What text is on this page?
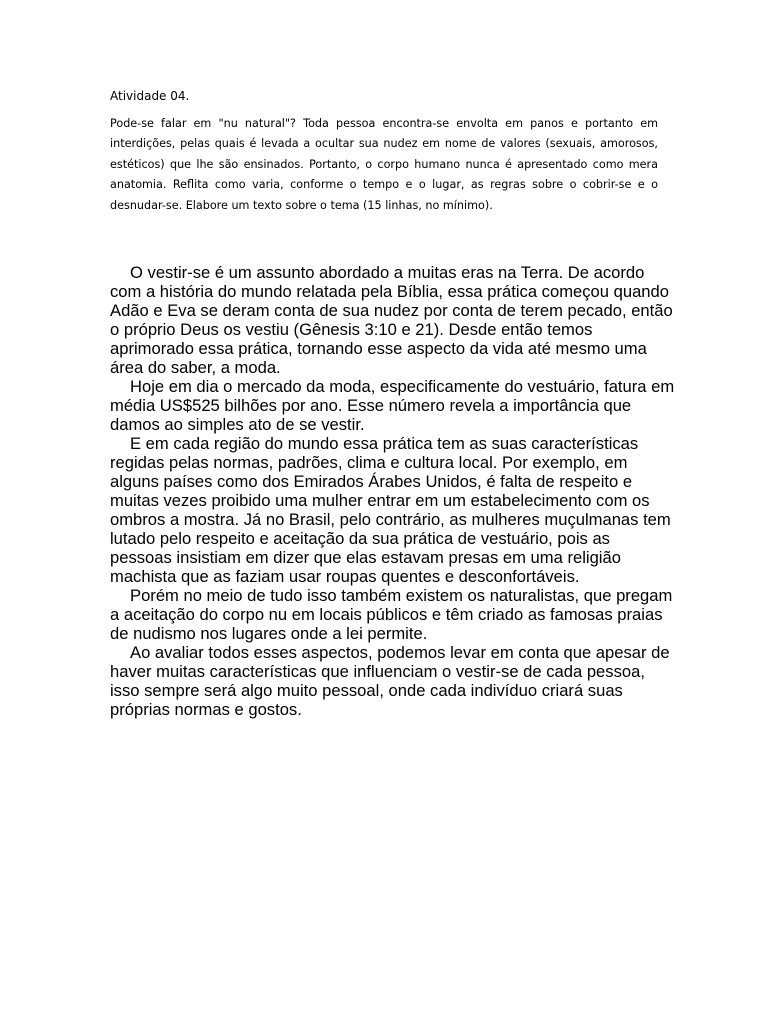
Atividade 04.

Pode-se falar em "nu natural"? Toda pessoa encontra-se envolta em panos e portanto em interdições, pelas quais é levada a ocultar sua nudez em nome de valores (sexuais, amorosos, estéticos) que lhe são ensinados. Portanto, o corpo humano nunca é apresentado como mera anatomia. Reflita como varia, conforme o tempo e o lugar, as regras sobre o cobrir-se e o desnudar-se. Elabore um texto sobre o tema (15 linhas, no mínimo).

O vestir-se é um assunto abordado a muitas eras na Terra. De acordo com a história do mundo relatada pela Bíblia, essa prática começou quando Adão e Eva se deram conta de sua nudez por conta de terem pecado, então o próprio Deus os vestiu (Gênesis 3:10 e 21). Desde então temos aprimorado essa prática, tornando esse aspecto da vida até mesmo uma área do saber, a moda.

Hoje em dia o mercado da moda, especificamente do vestuário, fatura em média US$525 bilhões por ano. Esse número revela a importância que damos ao simples ato de se vestir.

E em cada região do mundo essa prática tem as suas características regidas pelas normas, padrões, clima e cultura local. Por exemplo, em alguns países como dos Emirados Árabes Unidos, é falta de respeito e muitas vezes proibido uma mulher entrar em um estabelecimento com os ombros a mostra. Já no Brasil, pelo contrário, as mulheres muçulmanas tem lutado pelo respeito e aceitação da sua prática de vestuário, pois as pessoas insistiam em dizer que elas estavam presas em uma religião machista que as faziam usar roupas quentes e desconfortáveis.

Porém no meio de tudo isso também existem os naturalistas, que pregam a aceitação do corpo nu em locais públicos e têm criado as famosas praias de nudismo nos lugares onde a lei permite.

Ao avaliar todos esses aspectos, podemos levar em conta que apesar de haver muitas características que influenciam o vestir-se de cada pessoa, isso sempre será algo muito pessoal, onde cada indivíduo criará suas próprias normas e gostos.
